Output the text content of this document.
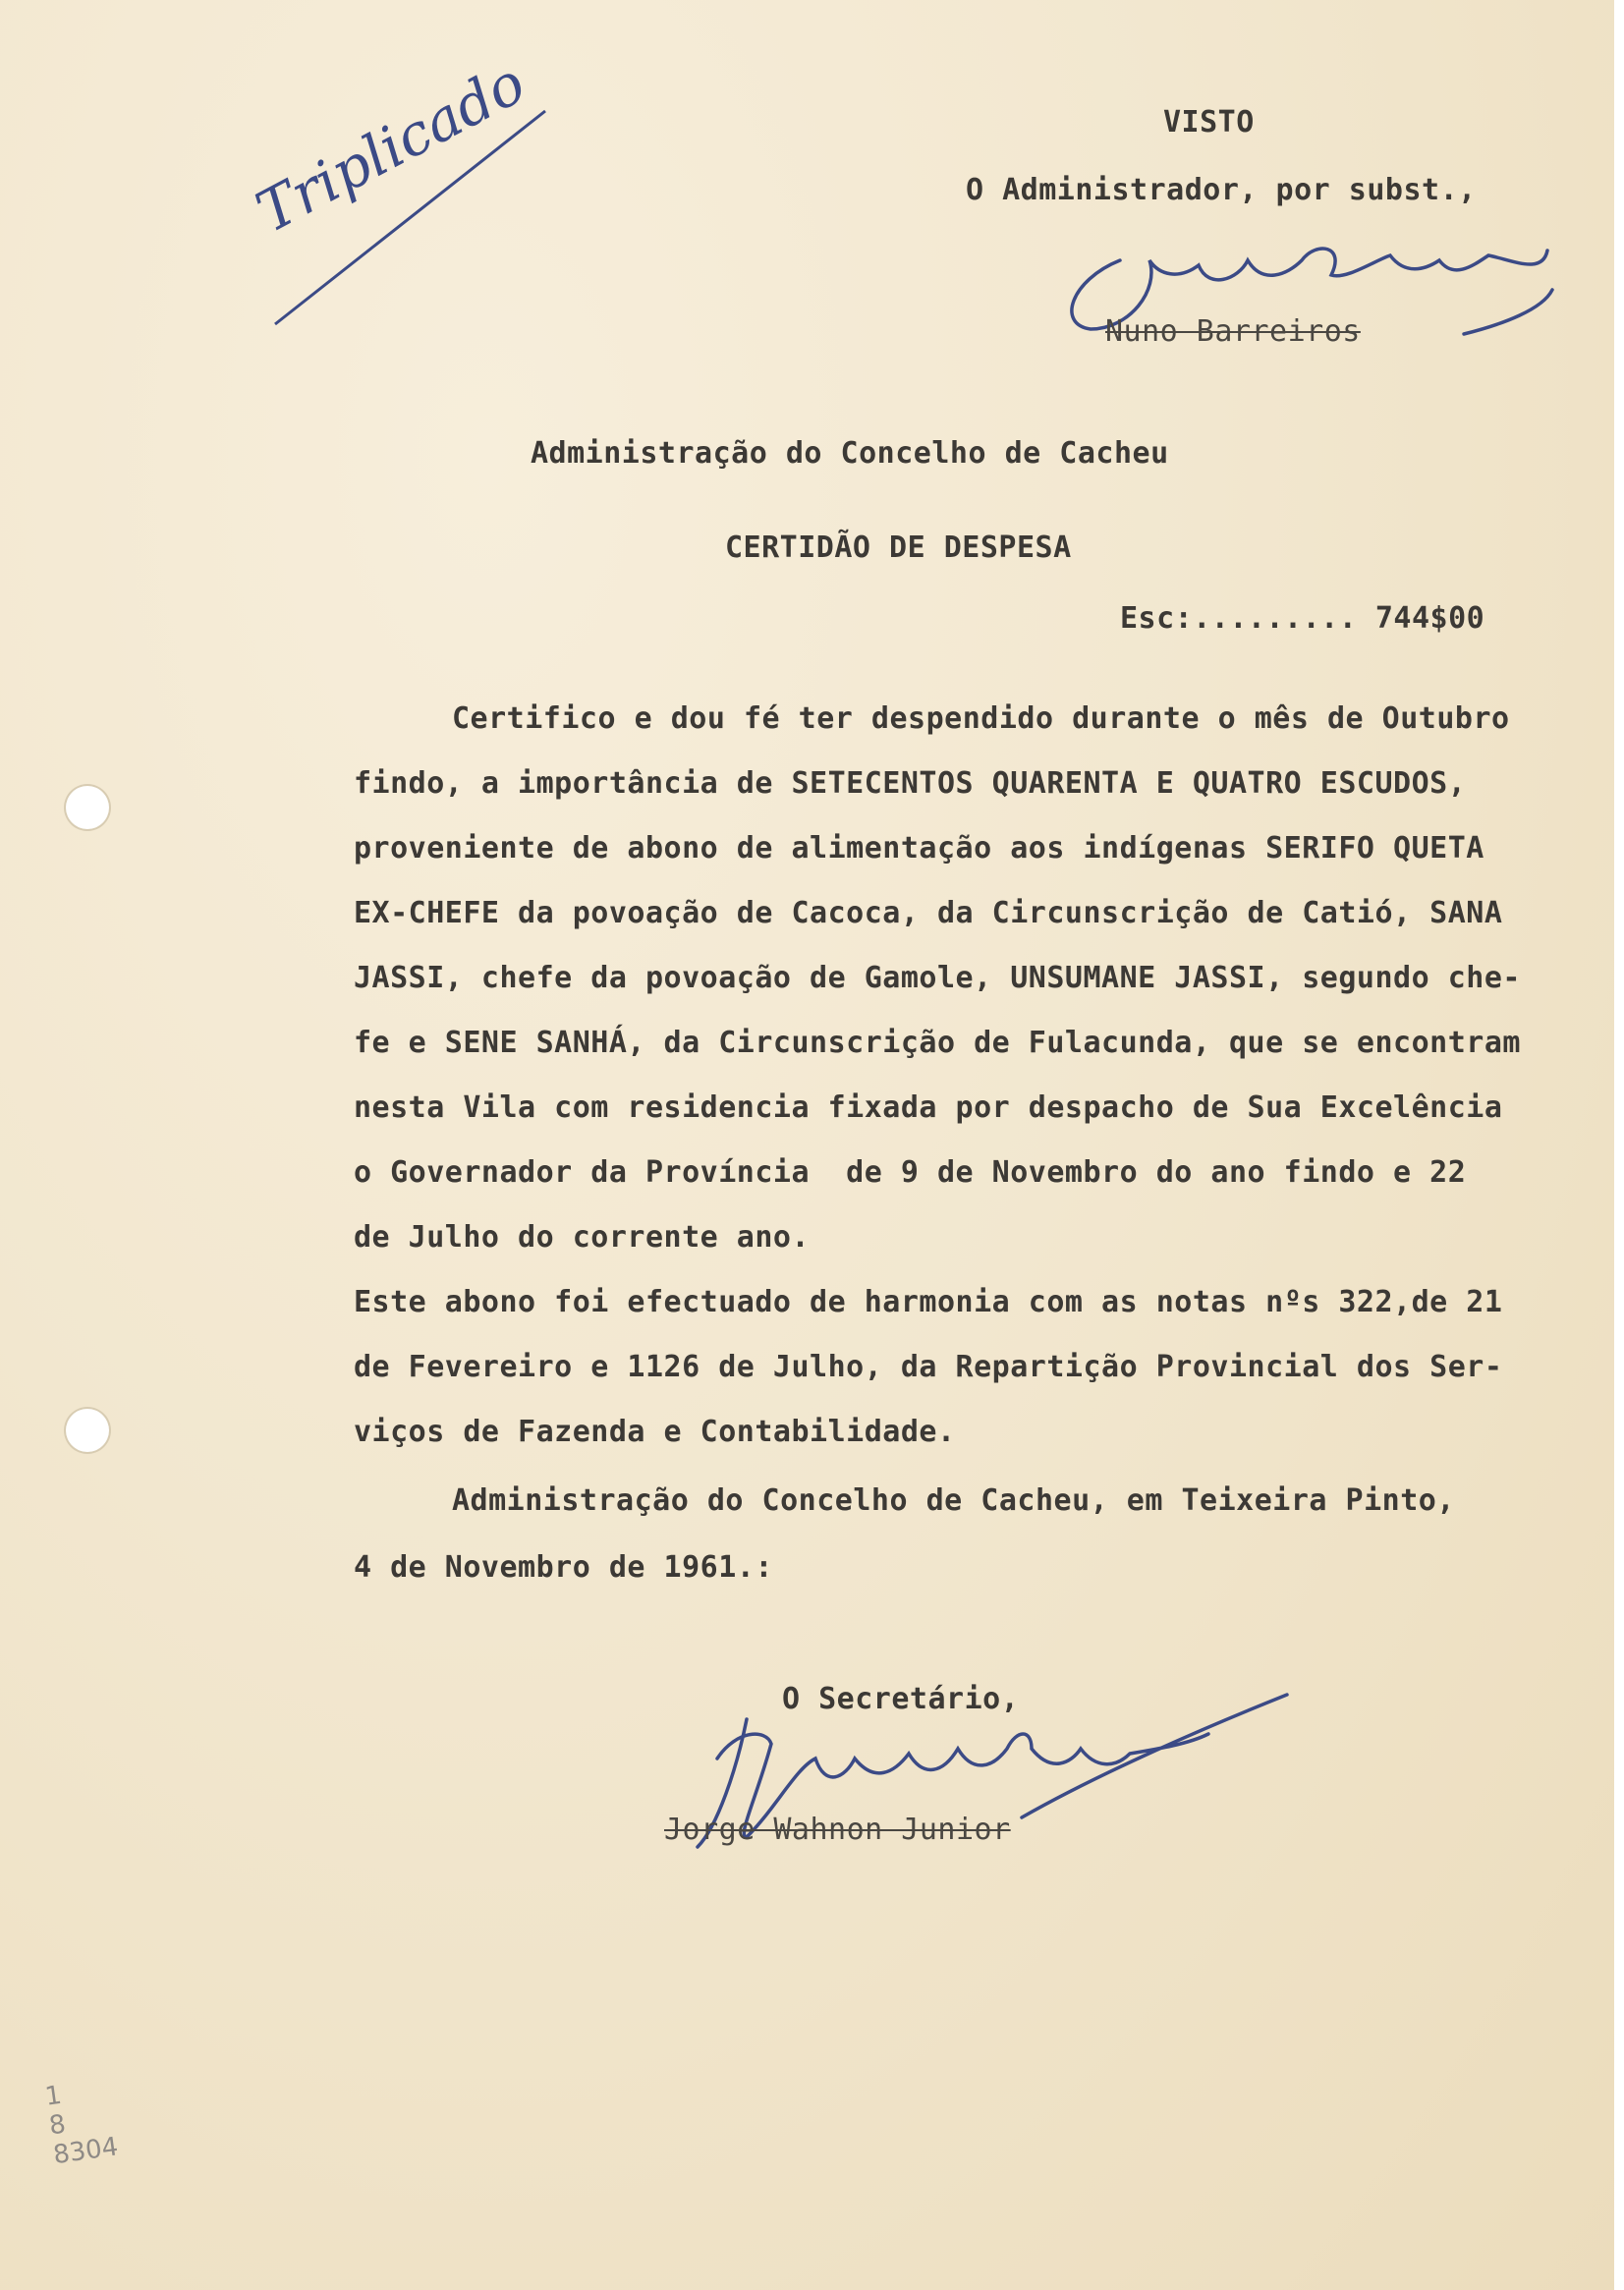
Triplicado	VISTO
O Administrador, por subst.,
Nuno Barreiros
Administração do Concelho de Cacheu
CERTIDÃO DE DESPESA
Esc:......... 744$00
Certifico e dou fé ter despendido durante o mês de Outubro
findo, a importância de SETECENTOS QUARENTA E QUATRO ESCUDOS,
proveniente de abono de alimentação aos indígenas SERIFO QUETA
EX-CHEFE da povoação de Cacoca, da Circunscrição de Catió, SANA
JASSI, chefe da povoação de Gamole, UNSUMANE JASSI, segundo che-
fe e SENE SANHÁ, da Circunscrição de Fulacunda, que se encontram
nesta Vila com residencia fixada por despacho de Sua Excelência
o Governador da Província  de 9 de Novembro do ano findo e 22
de Julho do corrente ano.
Este abono foi efectuado de harmonia com as notas nºs 322,de 21
de Fevereiro e 1126 de Julho, da Repartição Provincial dos Ser-
viços de Fazenda e Contabilidade.
Administração do Concelho de Cacheu, em Teixeira Pinto,
4 de Novembro de 1961.:
O Secretário,
Jorge Wahnon Junior
1
8
8304
